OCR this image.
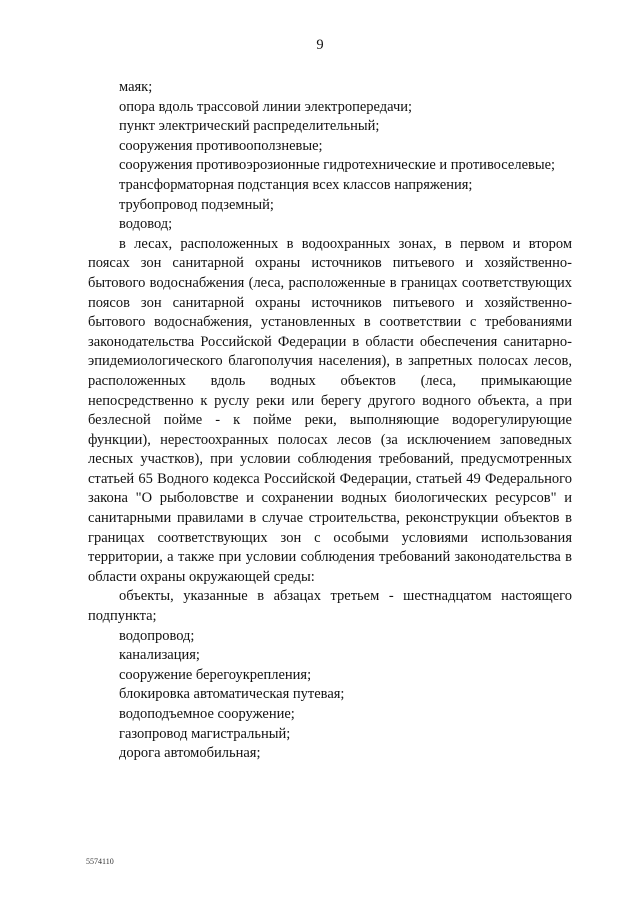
9

маяк;

опора вдоль трассовой линии электропередачи;

пункт электрический распределительный;

сооружения противооползневые;

сооружения противоэрозионные гидротехнические и противоселевые;

трансформаторная подстанция всех классов напряжения;

трубопровод подземный;

водовод;

в лесах, расположенных в водоохранных зонах, в первом и втором поясах зон санитарной охраны источников питьевого и хозяйственно-бытового водоснабжения (леса, расположенные в границах соответствующих поясов зон санитарной охраны источников питьевого и хозяйственно-бытового водоснабжения, установленных в соответствии с требованиями законодательства Российской Федерации в области обеспечения санитарно-эпидемиологического благополучия населения), в запретных полосах лесов, расположенных вдоль водных объектов (леса, примыкающие непосредственно к руслу реки или берегу другого водного объекта, а при безлесной пойме - к пойме реки, выполняющие водорегулирующие функции), нерестоохранных полосах лесов (за исключением заповедных лесных участков), при условии соблюдения требований, предусмотренных статьей 65 Водного кодекса Российской Федерации, статьей 49 Федерального закона "О рыболовстве и сохранении водных биологических ресурсов" и санитарными правилами в случае строительства, реконструкции объектов в границах соответствующих зон с особыми условиями использования территории, а также при условии соблюдения требований законодательства в области охраны окружающей среды:

объекты, указанные в абзацах третьем - шестнадцатом настоящего подпункта;

водопровод;

канализация;

сооружение берегоукрепления;

блокировка автоматическая путевая;

водоподъемное сооружение;

газопровод магистральный;

дорога автомобильная;

5574110
